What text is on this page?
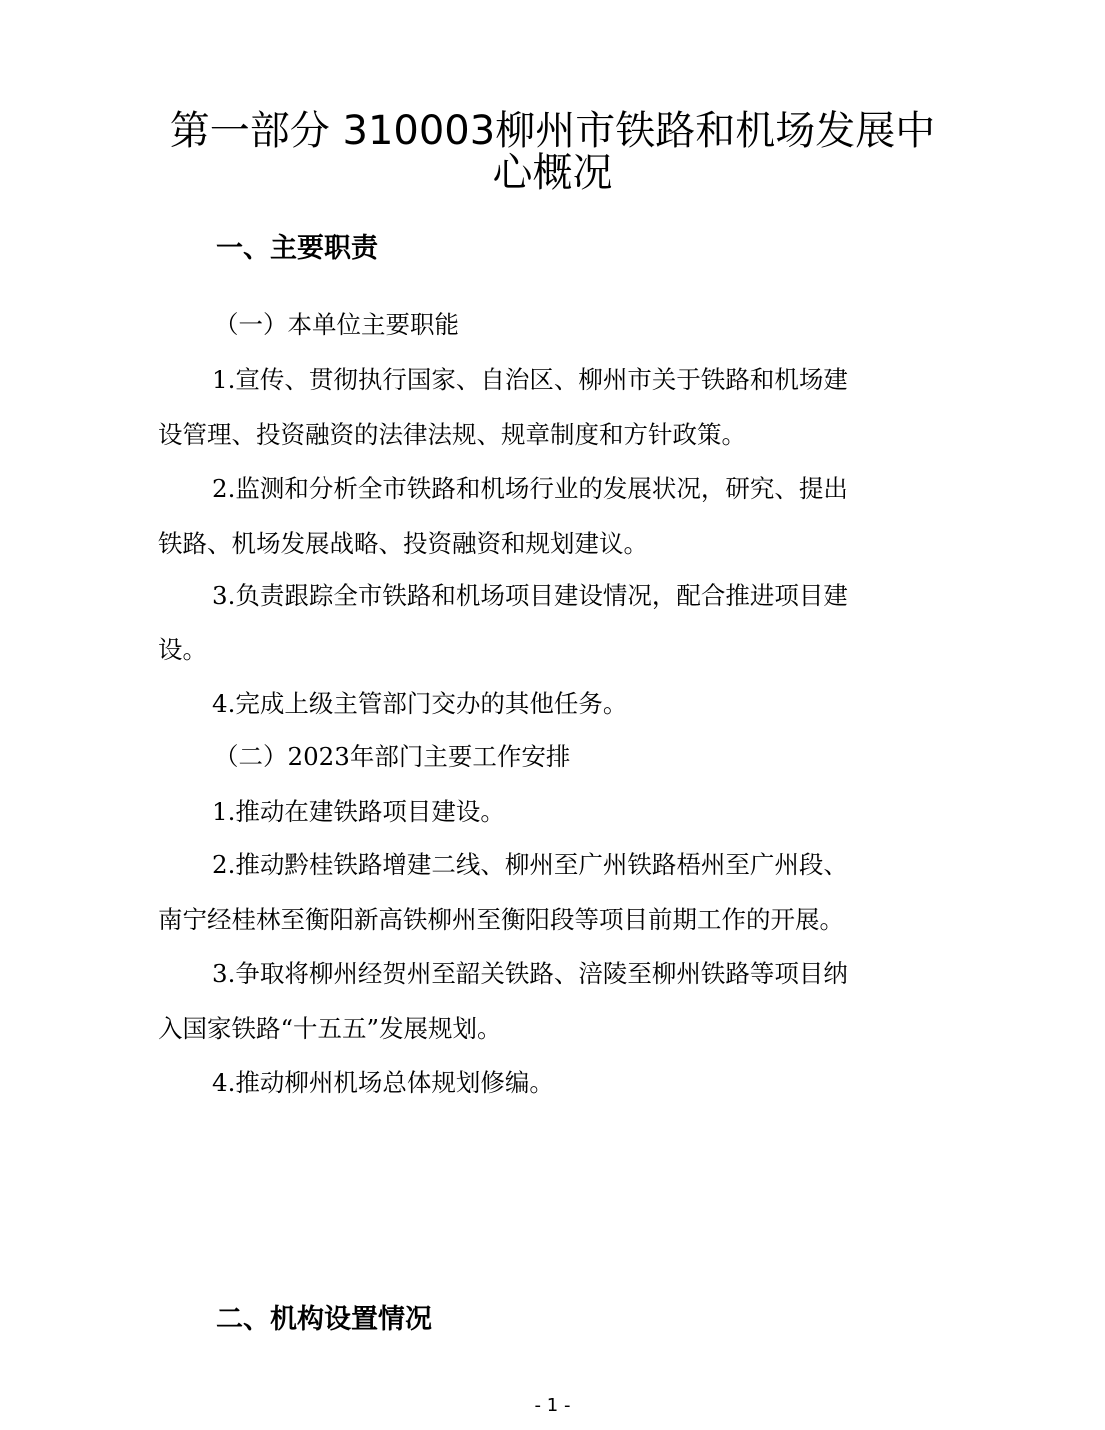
第一部分 310003柳州市铁路和机场发展中
心概况
一、主要职责

（一）本单位主要职能

1.宣传、贯彻执行国家、自治区、柳州市关于铁路和机场建

设管理、投资融资的法律法规、规章制度和方针政策。

2.监测和分析全市铁路和机场行业的发展状况，研究、提出

铁路、机场发展战略、投资融资和规划建议。

3.负责跟踪全市铁路和机场项目建设情况，配合推进项目建

设。

4.完成上级主管部门交办的其他任务。

（二）2023年部门主要工作安排

1.推动在建铁路项目建设。

2.推动黔桂铁路增建二线、柳州至广州铁路梧州至广州段、

南宁经桂林至衡阳新高铁柳州至衡阳段等项目前期工作的开展。

3.争取将柳州经贺州至韶关铁路、涪陵至柳州铁路等项目纳

入国家铁路“十五五”发展规划。

4.推动柳州机场总体规划修编。

二、机构设置情况
- 1 -
